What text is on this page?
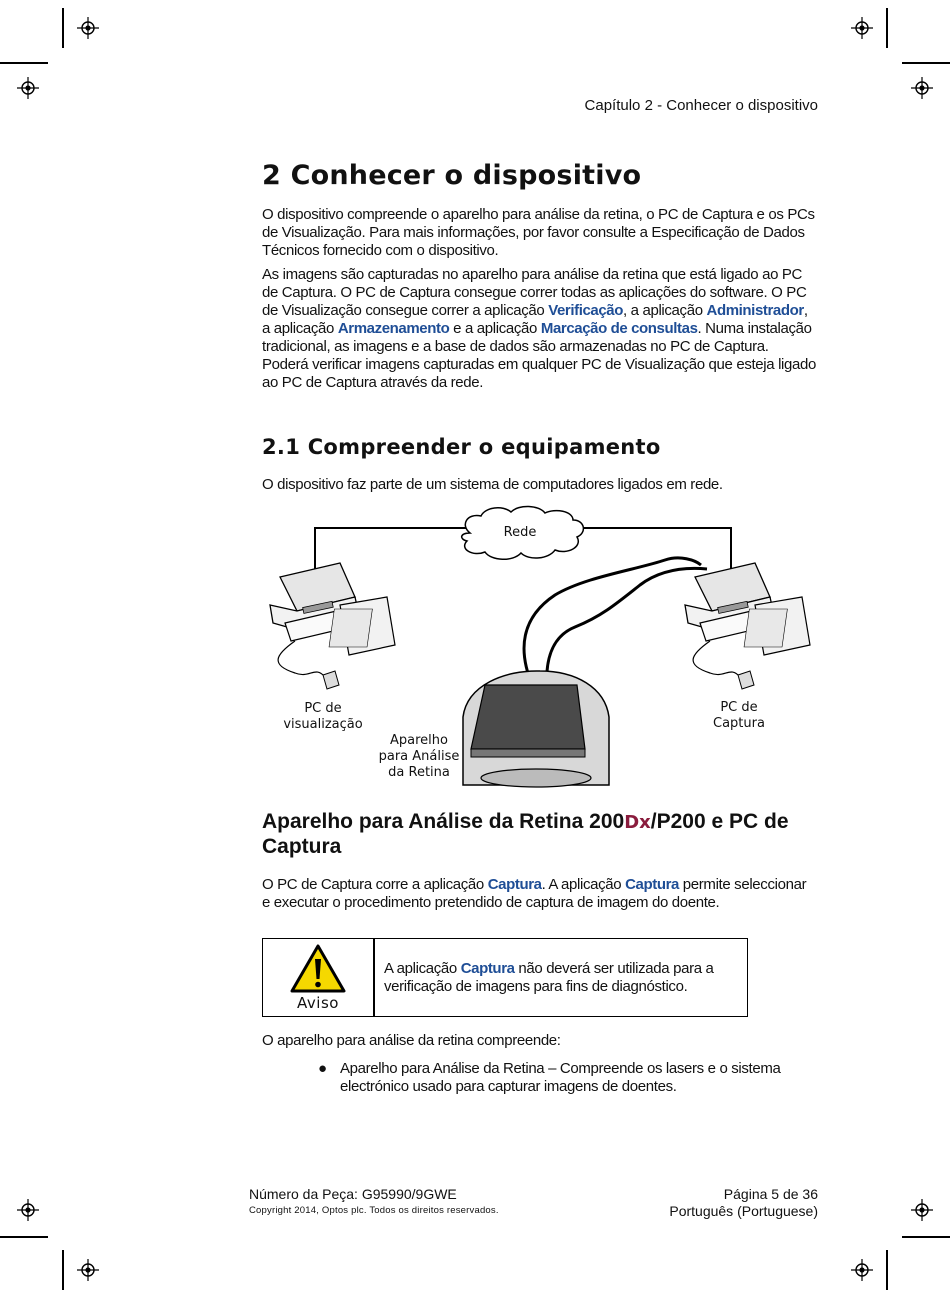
Capítulo 2 - Conhecer o dispositivo
2 Conhecer o dispositivo
O dispositivo compreende o aparelho para análise da retina, o PC de Captura e os PCs de Visualização. Para mais informações, por favor consulte a Especificação de Dados Técnicos fornecido com o dispositivo.
As imagens são capturadas no aparelho para análise da retina que está ligado ao PC de Captura. O PC de Captura consegue correr todas as aplicações do software. O PC de Visualização consegue correr a aplicação Verificação, a aplicação Administrador, a aplicação Armazenamento e a aplicação Marcação de consultas. Numa instalação tradicional, as imagens e a base de dados são armazenadas no PC de Captura. Poderá verificar imagens capturadas em qualquer PC de Visualização que esteja ligado ao PC de Captura através da rede.
2.1 Compreender o equipamento
O dispositivo faz parte de um sistema de computadores ligados em rede.
Rede
PC de visualização
PC de Captura
Aparelho para Análise da Retina
Aparelho para Análise da Retina 200Dx/P200 e PC de Captura
O PC de Captura corre a aplicação Captura. A aplicação Captura permite seleccionar e executar o procedimento pretendido de captura de imagem do doente.
Aviso
A aplicação Captura não deverá ser utilizada para a verificação de imagens para fins de diagnóstico.
O aparelho para análise da retina compreende:
● Aparelho para Análise da Retina – Compreende os lasers e o sistema electrónico usado para capturar imagens de doentes.
Número da Peça: G95990/9GWE
Copyright 2014, Optos plc. Todos os direitos reservados.
Página 5 de 36
Português (Portuguese)
